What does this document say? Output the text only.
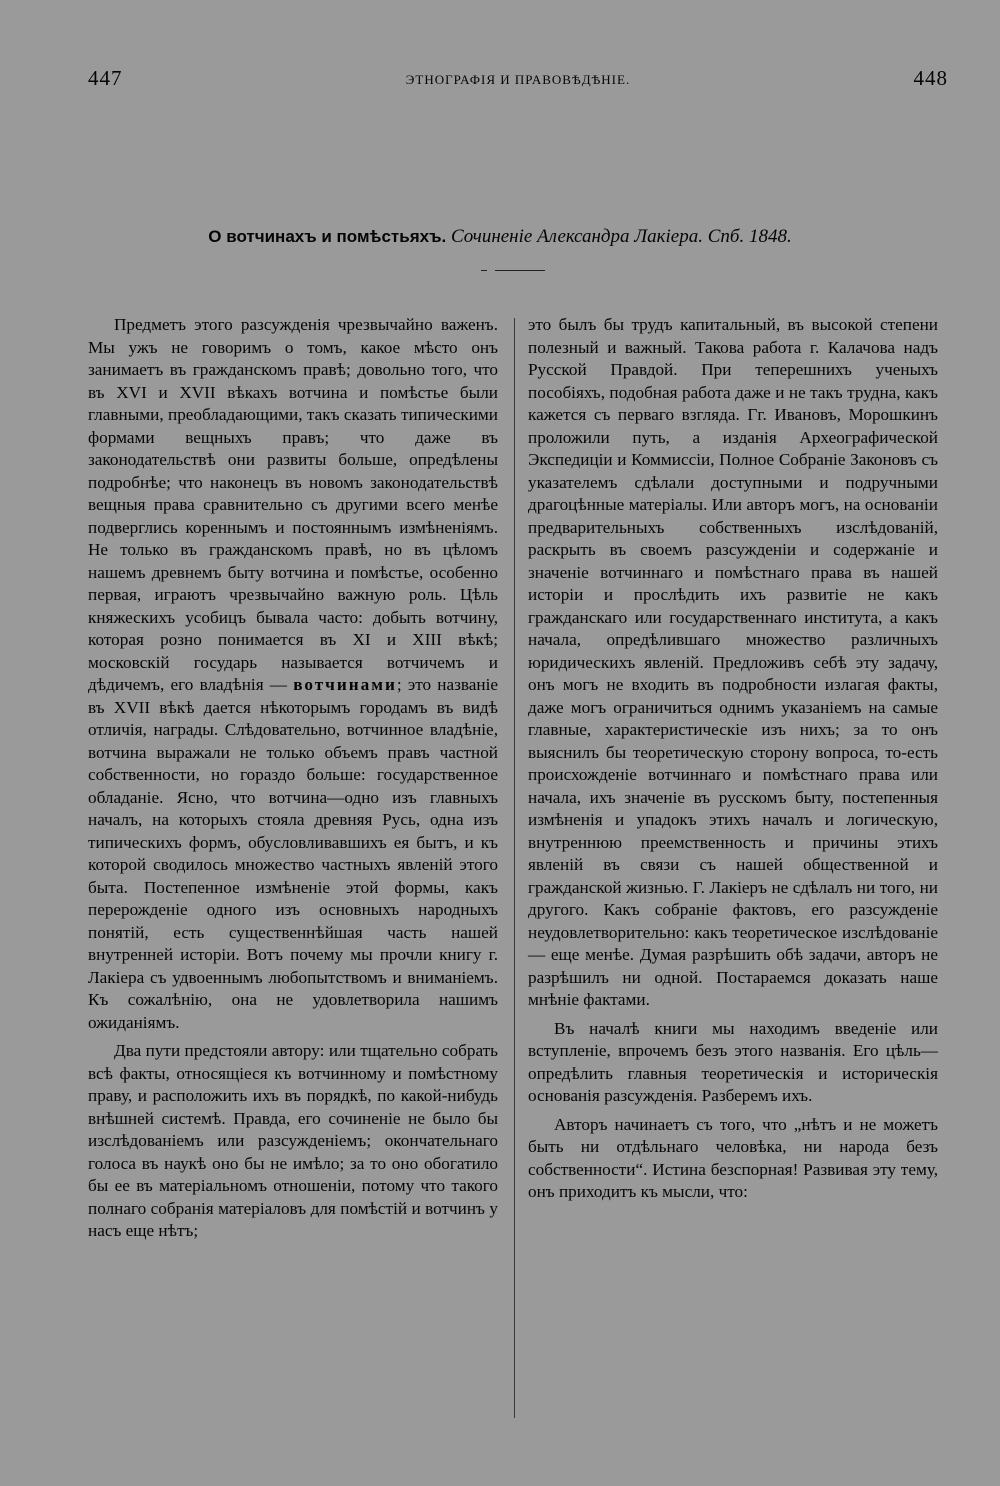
447	ЭТНОГРАФІЯ И ПРАВОВѢДѢНІЕ.	448
О вотчинахъ и помѣстьяхъ. Сочиненіе Александра Лакіера. Спб. 1848.

Предметъ этого разсужденія чрезвычайно важенъ. Мы ужъ не говоримъ о томъ, какое мѣсто онъ занимаетъ въ гражданскомъ правѣ; довольно того, что въ XVI и XVII вѣкахъ вотчина и помѣстье были главными, преобладающими, такъ сказать типическими формами вещныхъ правъ; что даже въ законодательствѣ они развиты больше, опредѣлены подробнѣе; что наконецъ въ новомъ законодательствѣ вещныя права сравнительно съ другими всего менѣе подверглись кореннымъ и постояннымъ измѣненіямъ. Не только въ гражданскомъ правѣ, но въ цѣломъ нашемъ древнемъ быту вотчина и помѣстье, особенно первая, играютъ чрезвычайно важную роль. Цѣль княжескихъ усобицъ бывала часто: добыть вотчину, которая розно понимается въ XI и XIII вѣкѣ; московскій государь называется вотчичемъ и дѣдичемъ, его владѣнія — вотчинами; это названіе въ XVII вѣкѣ дается нѣкоторымъ городамъ въ видѣ отличія, награды. Слѣдовательно, вотчинное владѣніе, вотчина выражали не только объемъ правъ частной собственности, но гораздо больше: государственное обладаніе. Ясно, что вотчина—одно изъ главныхъ началъ, на которыхъ стояла древняя Русь, одна изъ типическихъ формъ, обусловливавшихъ ея бытъ, и къ которой сводилось множество частныхъ явленій этого быта. Постепенное измѣненіе этой формы, какъ перерожденіе одного изъ основныхъ народныхъ понятій, есть существеннѣйшая часть нашей внутренней исторіи. Вотъ почему мы прочли книгу г. Лакіера съ удвоеннымъ любопытствомъ и вниманіемъ. Къ сожалѣнію, она не удовлетворила нашимъ ожиданіямъ.

Два пути предстояли автору: или тщательно собрать всѣ факты, относящіеся къ вотчинному и помѣстному праву, и расположить ихъ въ порядкѣ, по какой-нибудь внѣшней системѣ. Правда, его сочиненіе не было бы изслѣдованіемъ или разсужденіемъ; окончательнаго голоса въ наукѣ оно бы не имѣло; за то оно обогатило бы ее въ матеріальномъ отношеніи, потому что такого полнаго собранія матеріаловъ для помѣстій и вотчинъ у насъ еще нѣтъ;

это былъ бы трудъ капитальный, въ высокой степени полезный и важный. Такова работа г. Калачова надъ Русской Правдой. При теперешнихъ ученыхъ пособіяхъ, подобная работа даже и не такъ трудна, какъ кажется съ перваго взгляда. Гг. Ивановъ, Морошкинъ проложили путь, а изданія Археографической Экспедиціи и Коммиссіи, Полное Собраніе Законовъ съ указателемъ сдѣлали доступными и подручными драгоцѣнные матеріалы. Или авторъ могъ, на основаніи предварительныхъ собственныхъ изслѣдованій, раскрыть въ своемъ разсужденіи и содержаніе и значеніе вотчиннаго и помѣстнаго права въ нашей исторіи и прослѣдить ихъ развитіе не какъ гражданскаго или государственнаго института, а какъ начала, опредѣлившаго множество различныхъ юридическихъ явленій. Предложивъ себѣ эту задачу, онъ могъ не входить въ подробности излагая факты, даже могъ ограничиться однимъ указаніемъ на самые главные, характеристическіе изъ нихъ; за то онъ выяснилъ бы теоретическую сторону вопроса, то-есть происхожденіе вотчиннаго и помѣстнаго права или начала, ихъ значеніе въ русскомъ быту, постепенныя измѣненія и упадокъ этихъ началъ и логическую, внутреннюю преемственность и причины этихъ явленій въ связи съ нашей общественной и гражданской жизнью. Г. Лакіеръ не сдѣлалъ ни того, ни другого. Какъ собраніе фактовъ, его разсужденіе неудовлетворительно: какъ теоретическое изслѣдованіе— еще менѣе. Думая разрѣшить обѣ задачи, авторъ не разрѣшилъ ни одной. Постараемся доказать наше мнѣніе фактами.

Въ началѣ книги мы находимъ введеніе или вступленіе, впрочемъ безъ этого названія. Его цѣль—опредѣлить главныя теоретическія и историческія основанія разсужденія. Разберемъ ихъ.

Авторъ начинаетъ съ того, что „нѣтъ и не можетъ быть ни отдѣльнаго человѣка, ни народа безъ собственности“. Истина безспорная! Развивая эту тему, онъ приходитъ къ мысли, что:
